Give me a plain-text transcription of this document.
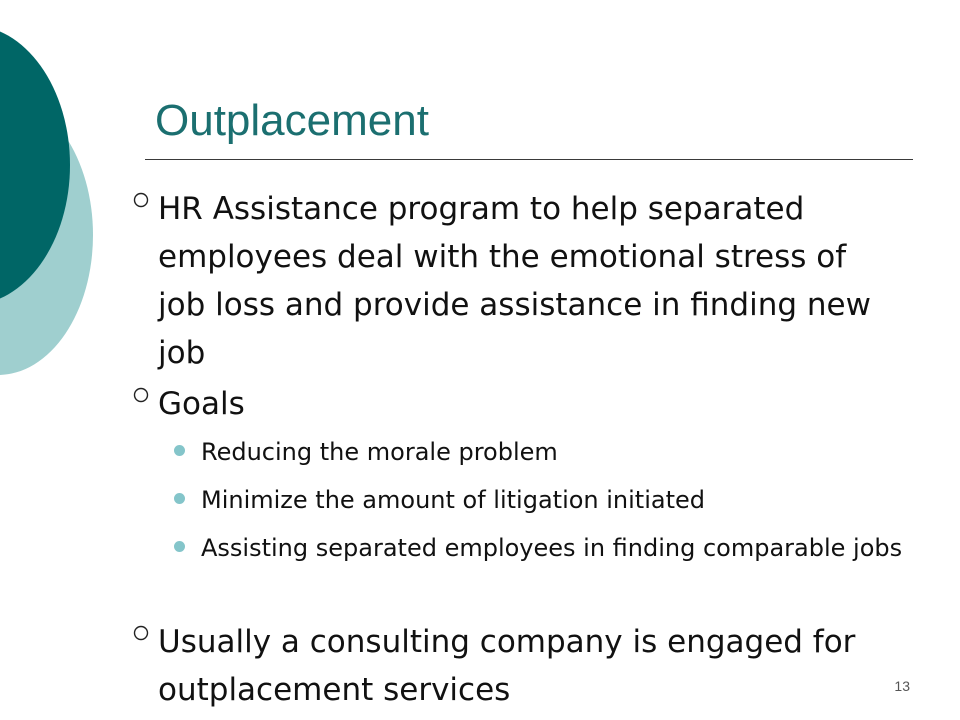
Outplacement
HR Assistance program to help separated employees deal with the emotional stress of job loss and provide assistance in finding new job
Goals
Reducing the morale problem
Minimize the amount of litigation initiated
Assisting separated employees in finding comparable jobs
Usually a consulting company is engaged for outplacement services	13
